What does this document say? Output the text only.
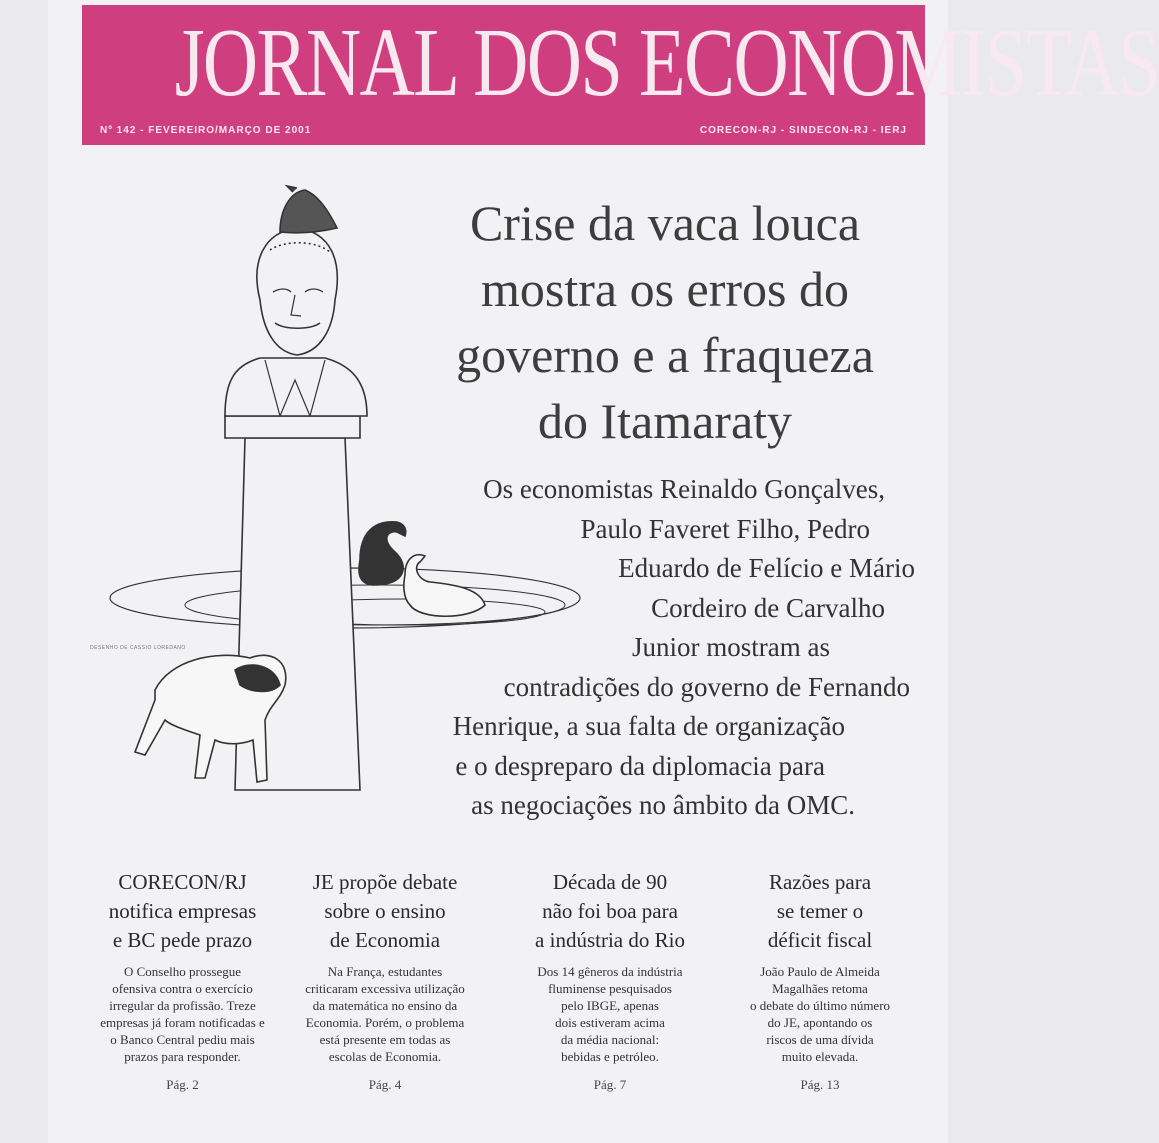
JORNAL DOS ECONOMISTAS
Nº 142 - FEVEREIRO/MARÇO DE 2001	CORECON-RJ - SINDECON-RJ - IERJ
DESENHO DE CASSIO LOREDANO
Crise da vaca louca
mostra os erros do
governo e a fraqueza
do Itamaraty
Os economistas Reinaldo Gonçalves,
Paulo Faveret Filho, Pedro
Eduardo de Felício e Mário
Cordeiro de Carvalho
Junior mostram as
contradições do governo de Fernando
Henrique, a sua falta de organização
e o despreparo da diplomacia para
as negociações no âmbito da OMC.
CORECON/RJ
notifica empresas
e BC pede prazo

O Conselho prossegue
ofensiva contra o exercício
irregular da profissão. Treze
empresas já foram notificadas e
o Banco Central pediu mais
prazos para responder.

Pág. 2
JE propõe debate
sobre o ensino
de Economia

Na França, estudantes
criticaram excessiva utilização
da matemática no ensino da
Economia. Porém, o problema
está presente em todas as
escolas de Economia.

Pág. 4
Década de 90
não foi boa para
a indústria do Rio

Dos 14 gêneros da indústria
fluminense pesquisados
pelo IBGE, apenas
dois estiveram acima
da média nacional:
bebidas e petróleo.

Pág. 7
Razões para
se temer o
déficit fiscal

João Paulo de Almeida
Magalhães retoma
o debate do último número
do JE, apontando os
riscos de uma dívida
muito elevada.

Pág. 13
